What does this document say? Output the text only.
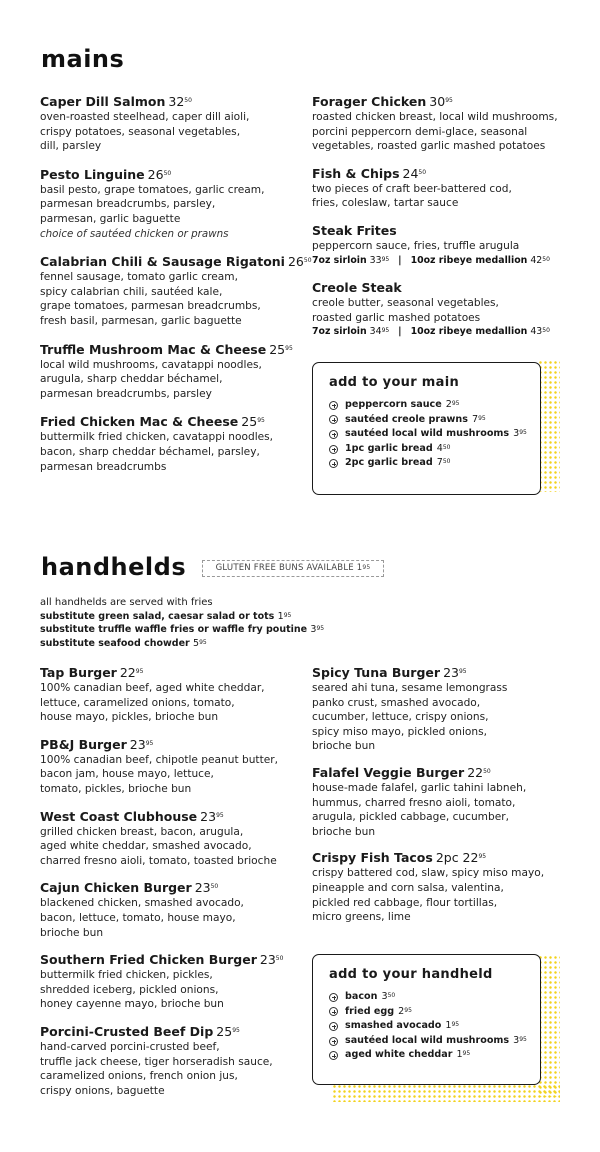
mains
Caper Dill Salmon $32^{50}$
oven-roasted steelhead, caper dill aioli,
crispy potatoes, seasonal vegetables,
dill, parsley
Pesto Linguine $26^{50}$
basil pesto, grape tomatoes, garlic cream,
parmesan breadcrumbs, parsley,
parmesan, garlic baguette
choice of sautéed chicken or prawns
Calabrian Chili & Sausage Rigatoni $26^{50}$
fennel sausage, tomato garlic cream,
spicy calabrian chili, sautéed kale,
grape tomatoes, parmesan breadcrumbs,
fresh basil, parmesan, garlic baguette
Truffle Mushroom Mac & Cheese $25^{95}$
local wild mushrooms, cavatappi noodles,
arugula, sharp cheddar béchamel,
parmesan breadcrumbs, parsley
Fried Chicken Mac & Cheese $25^{95}$
buttermilk fried chicken, cavatappi noodles,
bacon, sharp cheddar béchamel, parsley,
parmesan breadcrumbs
Forager Chicken $30^{95}$
roasted chicken breast, local wild mushrooms,
porcini peppercorn demi-glace, seasonal
vegetables, roasted garlic mashed potatoes
Fish & Chips $24^{50}$
two pieces of craft beer-battered cod,
fries, coleslaw, tartar sauce
Steak Frites
peppercorn sauce, fries, truffle arugula
7oz sirloin $33^{95}$ | 10oz ribeye medallion $42^{50}$
Creole Steak
creole butter, seasonal vegetables,
roasted garlic mashed potatoes
7oz sirloin $34^{95}$ | 10oz ribeye medallion $43^{50}$
add to your main
peppercorn sauce $2^{95}$
sautéed creole prawns $7^{95}$
sautéed local wild mushrooms $3^{95}$
1pc garlic bread $4^{50}$
2pc garlic bread $7^{50}$
handhelds	GLUTEN FREE BUNS AVAILABLE $1^{95}$
all handhelds are served with fries
substitute green salad, caesar salad or tots $1^{95}$
substitute truffle waffle fries or waffle fry poutine $3^{95}$
substitute seafood chowder $5^{95}$
Tap Burger $22^{95}$
100% canadian beef, aged white cheddar,
lettuce, caramelized onions, tomato,
house mayo, pickles, brioche bun
PB&J Burger $23^{95}$
100% canadian beef, chipotle peanut butter,
bacon jam, house mayo, lettuce,
tomato, pickles, brioche bun
West Coast Clubhouse $23^{95}$
grilled chicken breast, bacon, arugula,
aged white cheddar, smashed avocado,
charred fresno aioli, tomato, toasted brioche
Cajun Chicken Burger $23^{50}$
blackened chicken, smashed avocado,
bacon, lettuce, tomato, house mayo,
brioche bun
Southern Fried Chicken Burger $23^{50}$
buttermilk fried chicken, pickles,
shredded iceberg, pickled onions,
honey cayenne mayo, brioche bun
Porcini-Crusted Beef Dip $25^{95}$
hand-carved porcini-crusted beef,
truffle jack cheese, tiger horseradish sauce,
caramelized onions, french onion jus,
crispy onions, baguette
Spicy Tuna Burger $23^{95}$
seared ahi tuna, sesame lemongrass
panko crust, smashed avocado,
cucumber, lettuce, crispy onions,
spicy miso mayo, pickled onions,
brioche bun
Falafel Veggie Burger $22^{50}$
house-made falafel, garlic tahini labneh,
hummus, charred fresno aioli, tomato,
arugula, pickled cabbage, cucumber,
brioche bun
Crispy Fish Tacos 2pc $22^{95}$
crispy battered cod, slaw, spicy miso mayo,
pineapple and corn salsa, valentina,
pickled red cabbage, flour tortillas,
micro greens, lime
add to your handheld
bacon $3^{50}$
fried egg $2^{95}$
smashed avocado $1^{95}$
sautéed local wild mushrooms $3^{95}$
aged white cheddar $1^{95}$
